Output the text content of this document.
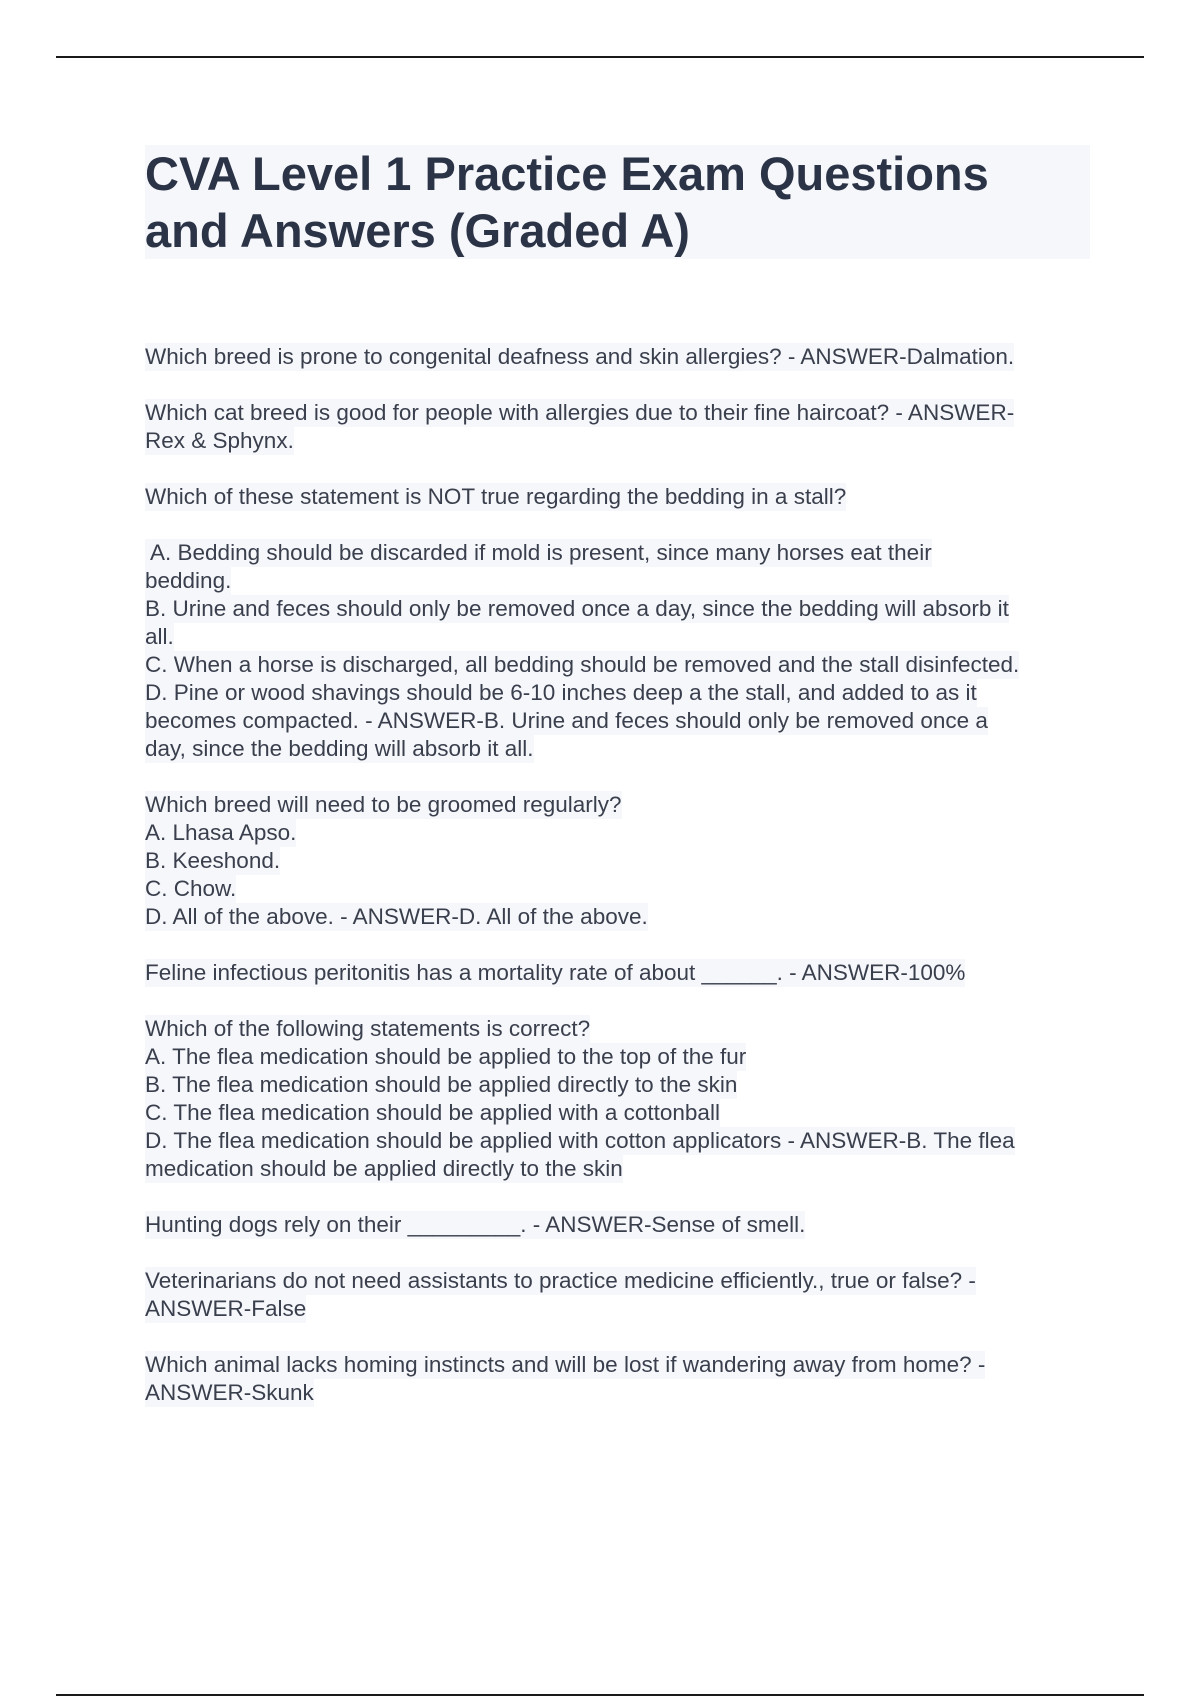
CVA Level 1 Practice Exam Questions
and Answers (Graded A)
Which breed is prone to congenital deafness and skin allergies? - ANSWER-Dalmation.
Which cat breed is good for people with allergies due to their fine haircoat? - ANSWER-
Rex & Sphynx.
Which of these statement is NOT true regarding the bedding in a stall?
A. Bedding should be discarded if mold is present, since many horses eat their
bedding.
B. Urine and feces should only be removed once a day, since the bedding will absorb it
all.
C. When a horse is discharged, all bedding should be removed and the stall disinfected.
D. Pine or wood shavings should be 6-10 inches deep a the stall, and added to as it
becomes compacted. - ANSWER-B. Urine and feces should only be removed once a
day, since the bedding will absorb it all.
Which breed will need to be groomed regularly?
A. Lhasa Apso.
B. Keeshond.
C. Chow.
D. All of the above. - ANSWER-D. All of the above.
Feline infectious peritonitis has a mortality rate of about ______. - ANSWER-100%
Which of the following statements is correct?
A. The flea medication should be applied to the top of the fur
B. The flea medication should be applied directly to the skin
C. The flea medication should be applied with a cottonball
D. The flea medication should be applied with cotton applicators - ANSWER-B. The flea
medication should be applied directly to the skin
Hunting dogs rely on their _________. - ANSWER-Sense of smell.
Veterinarians do not need assistants to practice medicine efficiently., true or false? -
ANSWER-False
Which animal lacks homing instincts and will be lost if wandering away from home? -
ANSWER-Skunk
